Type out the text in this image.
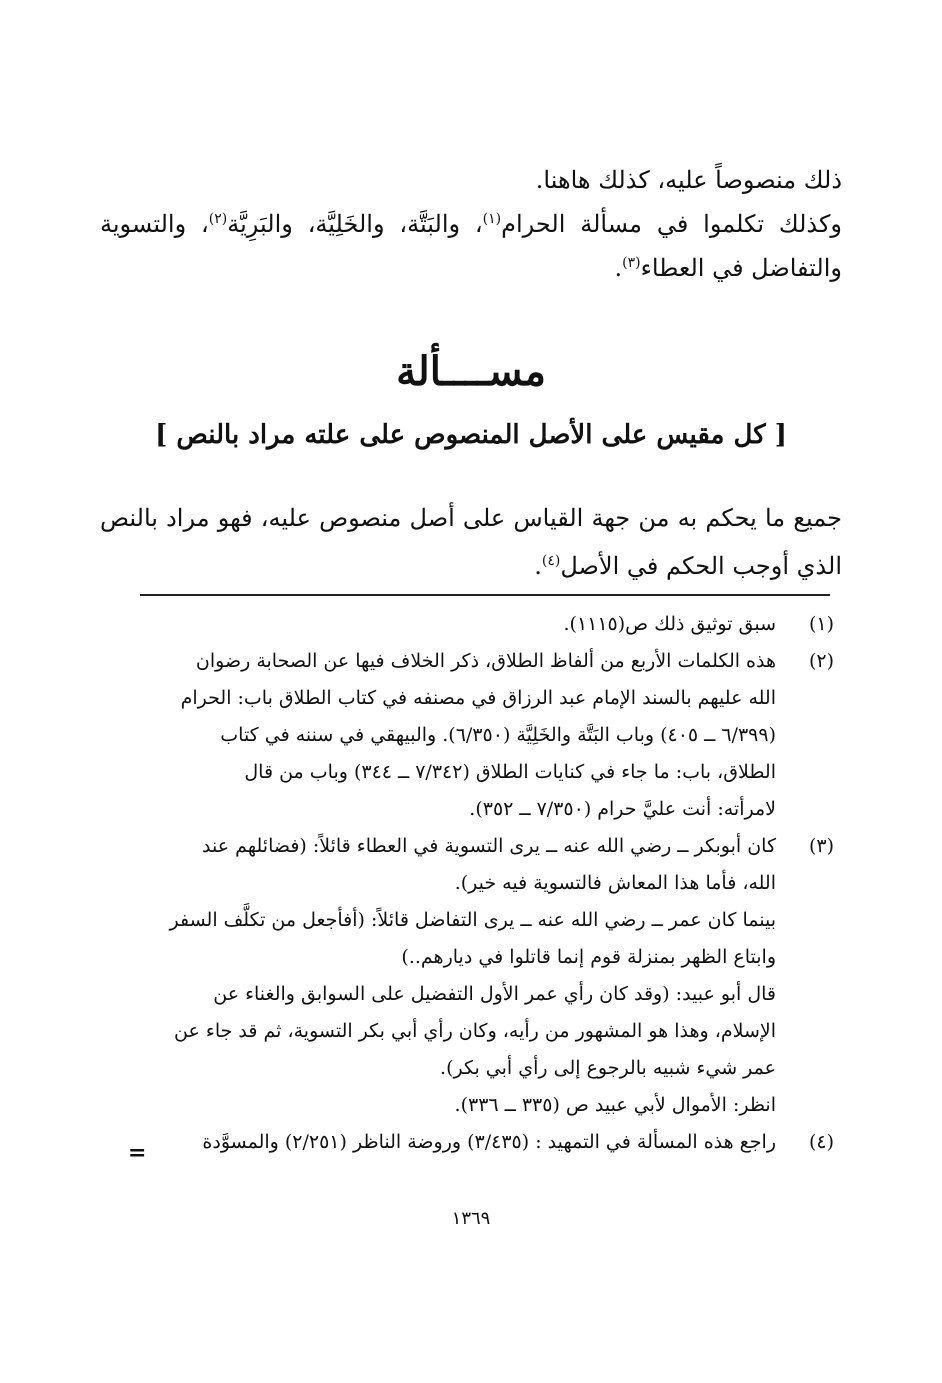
ذلك منصوصاً عليه، كذلك هاهنا.

وكذلك تكلموا في مسألة الحرام$^{(١)}$، والبَتَّة، والخَلِيَّة، والبَرِيَّة$^{(٢)}$، والتسوية والتفاضل في العطاء$^{(٣)}$.

مســــألة
[ كل مقيس على الأصل المنصوص على علته مراد بالنص ]

جميع ما يحكم به من جهة القياس على أصل منصوص عليه، فهو مراد بالنص الذي أوجب الحكم في الأصل$^{(٤)}$.

(١)
سبق توثيق ذلك ص(١١١٥).
(٢)
هذه الكلمات الأربع من ألفاظ الطلاق، ذكر الخلاف فيها عن الصحابة رضوان
الله عليهم بالسند الإمام عبد الرزاق في مصنفه في كتاب الطلاق باب: الحرام
(٦/٣٩٩ ــ ٤٠٥) وباب البَتَّة والخَلِيَّة (٦/٣٥٠). والبيهقي في سننه في كتاب
الطلاق، باب: ما جاء في كنايات الطلاق (٧/٣٤٢ ــ ٣٤٤) وباب من قال
لامرأته: أنت عليَّ حرام (٧/٣٥٠ ــ ٣٥٢).
(٣)
كان أبوبكر ــ رضي الله عنه ــ يرى التسوية في العطاء قائلاً: (فضائلهم عند
الله، فأما هذا المعاش فالتسوية فيه خير).
بينما كان عمر ــ رضي الله عنه ــ يرى التفاضل قائلاً: (أفأجعل من تكلَّف السفر
وابتاع الظهر بمنزلة قوم إنما قاتلوا في ديارهم..)
قال أبو عبيد: (وقد كان رأي عمر الأول التفضيل على السوابق والغناء عن
الإسلام، وهذا هو المشهور من رأيه، وكان رأي أبي بكر التسوية، ثم قد جاء عن
عمر شيء شبيه بالرجوع إلى رأي أبي بكر).
انظر: الأموال لأبي عبيد ص (٣٣٥ ــ ٣٣٦).
(٤)
راجع هذه المسألة في التمهيد : (٣/٤٣٥) وروضة الناظر (٢/٢٥١) والمسوَّدة
=
١٣٦٩
